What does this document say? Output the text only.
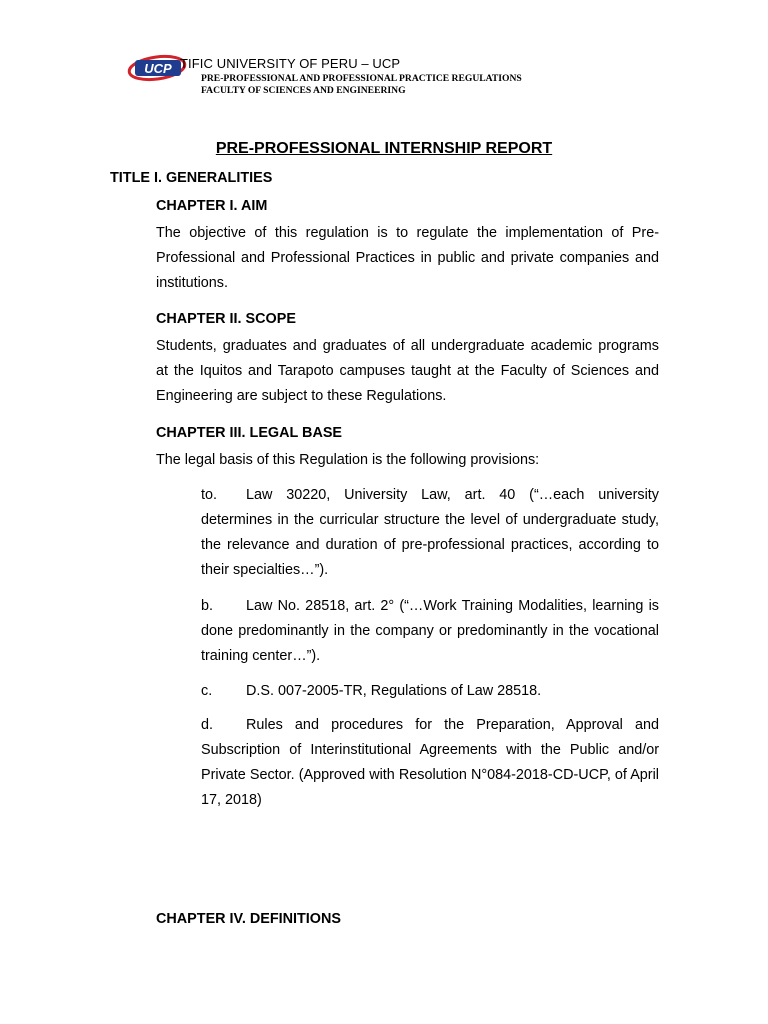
UCP TIFIC UNIVERSITY OF PERU – UCP
PRE-PROFESSIONAL AND PROFESSIONAL PRACTICE REGULATIONS
FACULTY OF SCIENCES AND ENGINEERING
PRE-PROFESSIONAL INTERNSHIP REPORT
TITLE I. GENERALITIES
CHAPTER I. AIM
The objective of this regulation is to regulate the implementation of Pre-Professional and Professional Practices in public and private companies and institutions.
CHAPTER II. SCOPE
Students, graduates and graduates of all undergraduate academic programs at the Iquitos and Tarapoto campuses taught at the Faculty of Sciences and Engineering are subject to these Regulations.
CHAPTER III. LEGAL BASE
The legal basis of this Regulation is the following provisions:
to. Law 30220, University Law, art. 40 (“…each university determines in the curricular structure the level of undergraduate study, the relevance and duration of pre-professional practices, according to their specialties…”).
b. Law No. 28518, art. 2° (“…Work Training Modalities, learning is done predominantly in the company or predominantly in the vocational training center…”).
c. D.S. 007-2005-TR, Regulations of Law 28518.
d. Rules and procedures for the Preparation, Approval and Subscription of Interinstitutional Agreements with the Public and/or Private Sector. (Approved with Resolution N°084-2018-CD-UCP, of April 17, 2018)
CHAPTER IV. DEFINITIONS
